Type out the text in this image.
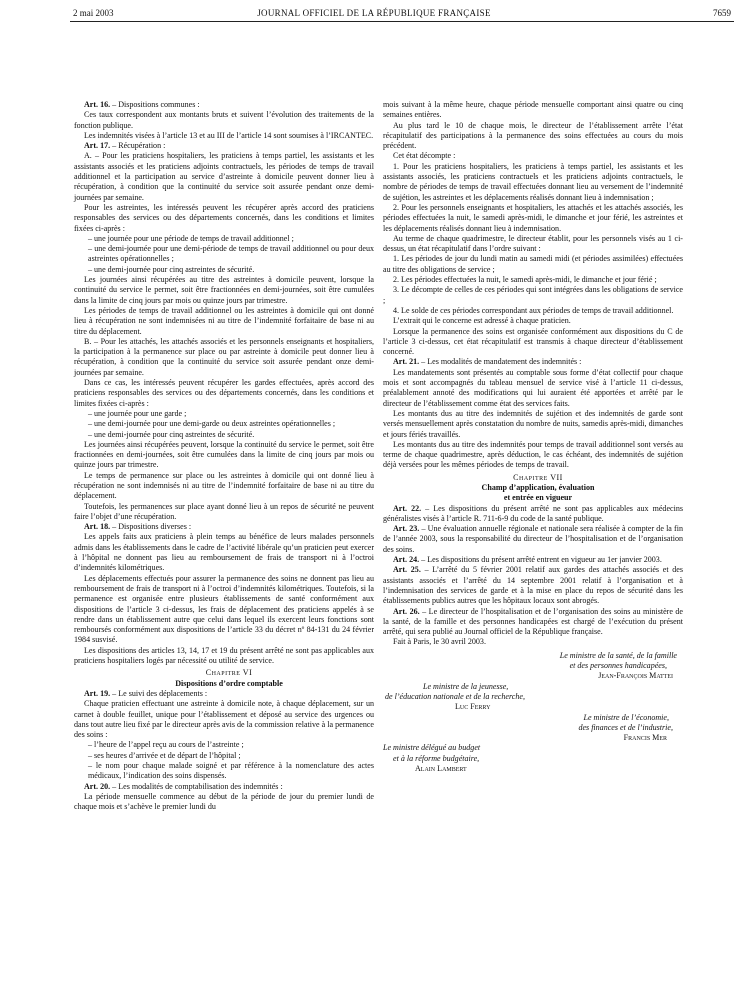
2 mai 2003	JOURNAL OFFICIEL DE LA RÉPUBLIQUE FRANÇAISE	7659

Art. 16. – Dispositions communes :

Ces taux correspondent aux montants bruts et suivent l’évolution des traitements de la fonction publique.

Les indemnités visées à l’article 13 et au III de l’article 14 sont soumises à l’IRCANTEC.

Art. 17. – Récupération :

A. – Pour les praticiens hospitaliers, les praticiens à temps partiel, les assistants et les assistants associés et les praticiens adjoints contractuels, les périodes de temps de travail additionnel et la participation au service d’astreinte à domicile peuvent donner lieu à récupération, à condition que la continuité du service soit assurée pendant onze demi-journées par semaine.

Pour les astreintes, les intéressés peuvent les récupérer après accord des praticiens responsables des services ou des départements concernés, dans les conditions et limites fixées ci-après :

– une journée pour une période de temps de travail additionnel ;

– une demi-journée pour une demi-période de temps de travail additionnel ou pour deux astreintes opérationnelles ;

– une demi-journée pour cinq astreintes de sécurité.

Les journées ainsi récupérées au titre des astreintes à domicile peuvent, lorsque la continuité du service le permet, soit être fractionnées en demi-journées, soit être cumulées dans la limite de cinq jours par mois ou quinze jours par trimestre.

Les périodes de temps de travail additionnel ou les astreintes à domicile qui ont donné lieu à récupération ne sont indemnisées ni au titre de l’indemnité forfaitaire de base ni au titre du déplacement.

B. – Pour les attachés, les attachés associés et les personnels enseignants et hospitaliers, la participation à la permanence sur place ou par astreinte à domicile peut donner lieu à récupération, à condition que la continuité du service soit assurée pendant onze demi-journées par semaine.

Dans ce cas, les intéressés peuvent récupérer les gardes effectuées, après accord des praticiens responsables des services ou des départements concernés, dans les conditions et limites fixées ci-après :

– une journée pour une garde ;

– une demi-journée pour une demi-garde ou deux astreintes opérationnelles ;

– une demi-journée pour cinq astreintes de sécurité.

Les journées ainsi récupérées peuvent, lorsque la continuité du service le permet, soit être fractionnées en demi-journées, soit être cumulées dans la limite de cinq jours par mois ou quinze jours par trimestre.

Le temps de permanence sur place ou les astreintes à domicile qui ont donné lieu à récupération ne sont indemnisés ni au titre de l’indemnité forfaitaire de base ni au titre du déplacement.

Toutefois, les permanences sur place ayant donné lieu à un repos de sécurité ne peuvent faire l’objet d’une récupération.

Art. 18. – Dispositions diverses :

Les appels faits aux praticiens à plein temps au bénéfice de leurs malades personnels admis dans les établissements dans le cadre de l’activité libérale qu’un praticien peut exercer à l’hôpital ne donnent pas lieu au remboursement de frais de transport ni à l’octroi d’indemnités kilométriques.

Les déplacements effectués pour assurer la permanence des soins ne donnent pas lieu au remboursement de frais de transport ni à l’octroi d’indemnités kilométriques. Toutefois, si la permanence est organisée entre plusieurs établissements de santé conformément aux dispositions de l’article 3 ci-dessus, les frais de déplacement des praticiens appelés à se rendre dans un établissement autre que celui dans lequel ils exercent leurs fonctions sont remboursés conformément aux dispositions de l’article 33 du décret nº 84-131 du 24 février 1984 susvisé.

Les dispositions des articles 13, 14, 17 et 19 du présent arrêté ne sont pas applicables aux praticiens hospitaliers logés par nécessité ou utilité de service.

Chapitre VI

Dispositions d’ordre comptable

Art. 19. – Le suivi des déplacements :

Chaque praticien effectuant une astreinte à domicile note, à chaque déplacement, sur un carnet à double feuillet, unique pour l’établissement et déposé au service des urgences ou dans tout autre lieu fixé par le directeur après avis de la commission relative à la permanence des soins :

– l’heure de l’appel reçu au cours de l’astreinte ;

– ses heures d’arrivée et de départ de l’hôpital ;

– le nom pour chaque malade soigné et par référence à la nomenclature des actes médicaux, l’indication des soins dispensés.

Art. 20. – Les modalités de comptabilisation des indemnités :

La période mensuelle commence au début de la période de jour du premier lundi de chaque mois et s’achève le premier lundi du

mois suivant à la même heure, chaque période mensuelle comportant ainsi quatre ou cinq semaines entières.

Au plus tard le 10 de chaque mois, le directeur de l’établissement arrête l’état récapitulatif des participations à la permanence des soins effectuées au cours du mois précédent.

Cet état décompte :

1. Pour les praticiens hospitaliers, les praticiens à temps partiel, les assistants et les assistants associés, les praticiens contractuels et les praticiens adjoints contractuels, le nombre de périodes de temps de travail effectuées donnant lieu au versement de l’indemnité de sujétion, les astreintes et les déplacements réalisés donnant lieu à indemnisation ;

2. Pour les personnels enseignants et hospitaliers, les attachés et les attachés associés, les périodes effectuées la nuit, le samedi après-midi, le dimanche et jour férié, les astreintes et les déplacements réalisés donnant lieu à indemnisation.

Au terme de chaque quadrimestre, le directeur établit, pour les personnels visés au 1 ci-dessus, un état récapitulatif dans l’ordre suivant :

1. Les périodes de jour du lundi matin au samedi midi (et périodes assimilées) effectuées au titre des obligations de service ;

2. Les périodes effectuées la nuit, le samedi après-midi, le dimanche et jour férié ;

3. Le décompte de celles de ces périodes qui sont intégrées dans les obligations de service ;

4. Le solde de ces périodes correspondant aux périodes de temps de travail additionnel.

L’extrait qui le concerne est adressé à chaque praticien.

Lorsque la permanence des soins est organisée conformément aux dispositions du C de l’article 3 ci-dessus, cet état récapitulatif est transmis à chaque directeur d’établissement concerné.

Art. 21. – Les modalités de mandatement des indemnités :

Les mandatements sont présentés au comptable sous forme d’état collectif pour chaque mois et sont accompagnés du tableau mensuel de service visé à l’article 11 ci-dessus, préalablement annoté des modifications qui lui auraient été apportées et arrêté par le directeur de l’établissement comme état des services faits.

Les montants dus au titre des indemnités de sujétion et des indemnités de garde sont versés mensuellement après constatation du nombre de nuits, samedis après-midi, dimanches et jours fériés travaillés.

Les montants dus au titre des indemnités pour temps de travail additionnel sont versés au terme de chaque quadrimestre, après déduction, le cas échéant, des indemnités de sujétion déjà versées pour les mêmes périodes de temps de travail.

Chapitre VII

Champ d’application, évaluation

et entrée en vigueur

Art. 22. – Les dispositions du présent arrêté ne sont pas applicables aux médecins généralistes visés à l’article R. 711-6-9 du code de la santé publique.

Art. 23. – Une évaluation annuelle régionale et nationale sera réalisée à compter de la fin de l’année 2003, sous la responsabilité du directeur de l’hospitalisation et de l’organisation des soins.

Art. 24. – Les dispositions du présent arrêté entrent en vigueur au 1er janvier 2003.

Art. 25. – L’arrêté du 5 février 2001 relatif aux gardes des attachés associés et des assistants associés et l’arrêté du 14 septembre 2001 relatif à l’organisation et à l’indemnisation des services de garde et à la mise en place du repos de sécurité dans les établissements publics autres que les hôpitaux locaux sont abrogés.

Art. 26. – Le directeur de l’hospitalisation et de l’organisation des soins au ministère de la santé, de la famille et des personnes handicapées est chargé de l’exécution du présent arrêté, qui sera publié au Journal officiel de la République française.

Fait à Paris, le 30 avril 2003.

Le ministre de la santé, de la famille

et des personnes handicapées,

Jean-François Mattei

Le ministre de la jeunesse,

de l’éducation nationale et de la recherche,

Luc Ferry

Le ministre de l’économie,

des finances et de l’industrie,

Francis Mer

Le ministre délégué au budget

et à la réforme budgétaire,

Alain Lambert
